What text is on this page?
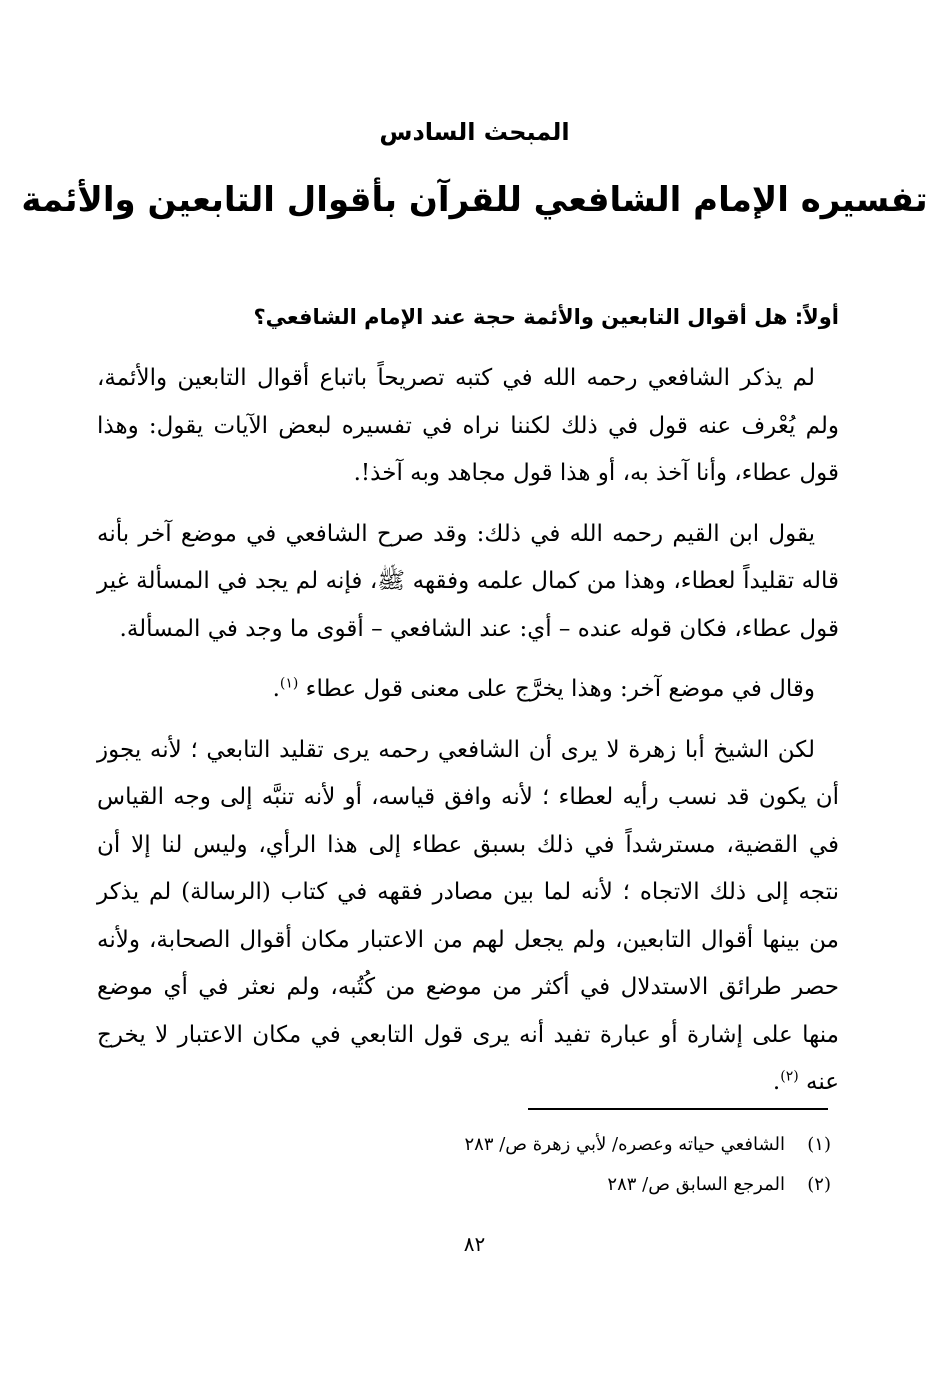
المبحث السادس
تفسيره الإمام الشافعي للقرآن بأقوال التابعين والأئمة
أولاً: هل أقوال التابعين والأئمة حجة عند الإمام الشافعي؟

لم يذكر الشافعي رحمه الله في كتبه تصريحاً باتباع أقوال التابعين والأئمة، ولم يُعْرف عنه قول في ذلك لكننا نراه في تفسيره لبعض الآيات يقول: وهذا قول عطاء، وأنا آخذ به، أو هذا قول مجاهد وبه آخذ!.

يقول ابن القيم رحمه الله في ذلك: وقد صرح الشافعي في موضع آخر بأنه قاله تقليداً لعطاء، وهذا من كمال علمه وفقهه ﷺ، فإنه لم يجد في المسألة غير قول عطاء، فكان قوله عنده – أي: عند الشافعي – أقوى ما وجد في المسألة.

وقال في موضع آخر: وهذا يخرَّج على معنى قول عطاء $^{(١)}$.

لكن الشيخ أبا زهرة لا يرى أن الشافعي رحمه يرى تقليد التابعي ؛ لأنه يجوز أن يكون قد نسب رأيه لعطاء ؛ لأنه وافق قياسه، أو لأنه تنبَّه إلى وجه القياس في القضية، مسترشداً في ذلك بسبق عطاء إلى هذا الرأي، وليس لنا إلا أن نتجه إلى ذلك الاتجاه ؛ لأنه لما بين مصادر فقهه في كتاب (الرسالة) لم يذكر من بينها أقوال التابعين، ولم يجعل لهم من الاعتبار مكان أقوال الصحابة، ولأنه حصر طرائق الاستدلال في أكثر من موضع من كُتُبه، ولم نعثر في أي موضع منها على إشارة أو عبارة تفيد أنه يرى قول التابعي في مكان الاعتبار لا يخرج عنه $^{(٢)}$.

(١)الشافعي حياته وعصره/ لأبي زهرة ص/ ٢٨٣
(٢)المرجع السابق ص/ ٢٨٣
٨٢
